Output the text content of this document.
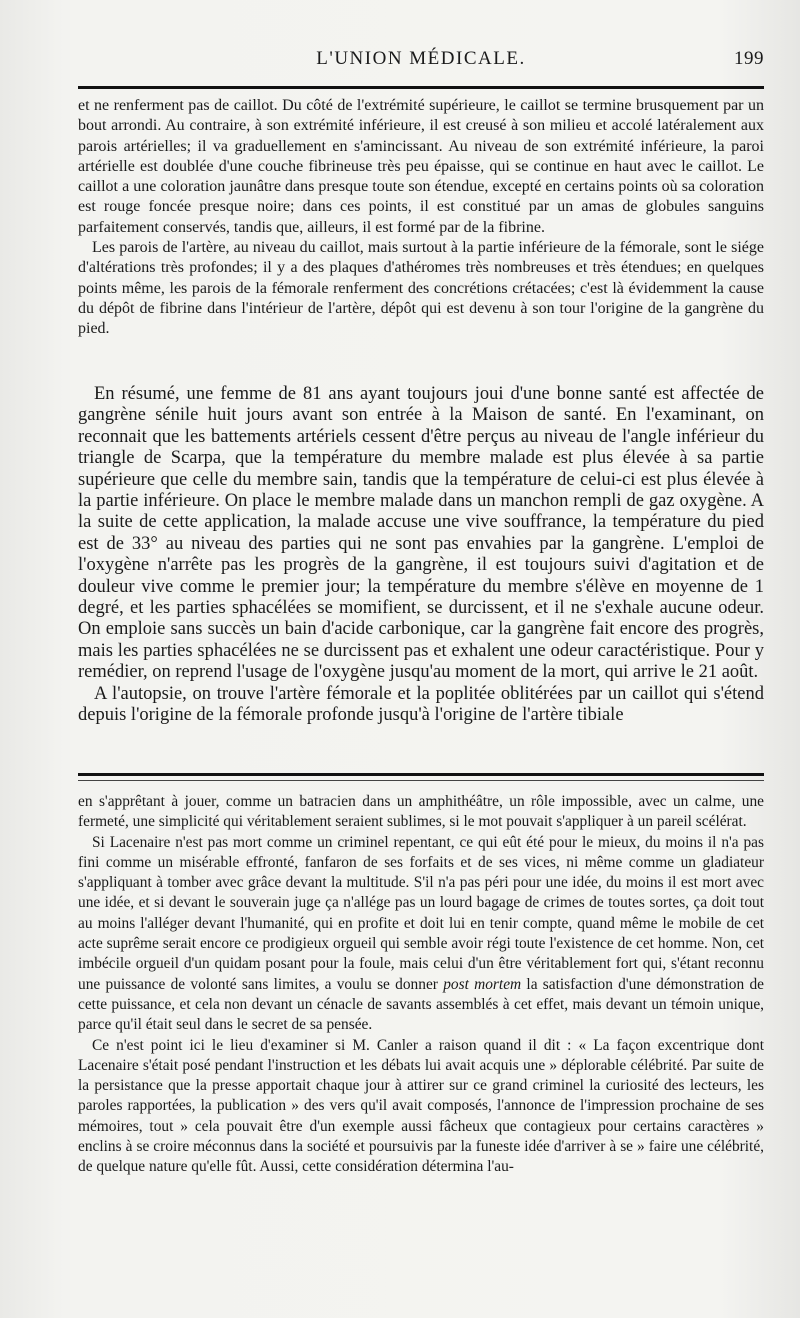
L'UNION MÉDICALE.	199

et ne renferment pas de caillot. Du côté de l'extrémité supérieure, le caillot se termine brusquement par un bout arrondi. Au contraire, à son extrémité inférieure, il est creusé à son milieu et accolé latéralement aux parois artérielles; il va graduellement en s'amincissant. Au niveau de son extrémité inférieure, la paroi artérielle est doublée d'une couche fibrineuse très peu épaisse, qui se continue en haut avec le caillot. Le caillot a une coloration jaunâtre dans presque toute son étendue, excepté en certains points où sa coloration est rouge foncée presque noire; dans ces points, il est constitué par un amas de globules sanguins parfaitement conservés, tandis que, ailleurs, il est formé par de la fibrine.

Les parois de l'artère, au niveau du caillot, mais surtout à la partie inférieure de la fémorale, sont le siége d'altérations très profondes; il y a des plaques d'athéromes très nombreuses et très étendues; en quelques points même, les parois de la fémorale renferment des concrétions crétacées; c'est là évidemment la cause du dépôt de fibrine dans l'intérieur de l'artère, dépôt qui est devenu à son tour l'origine de la gangrène du pied.

En résumé, une femme de 81 ans ayant toujours joui d'une bonne santé est affectée de gangrène sénile huit jours avant son entrée à la Maison de santé. En l'examinant, on reconnait que les battements artériels cessent d'être perçus au niveau de l'angle inférieur du triangle de Scarpa, que la température du membre malade est plus élevée à sa partie supérieure que celle du membre sain, tandis que la température de celui-ci est plus élevée à la partie inférieure. On place le membre malade dans un manchon rempli de gaz oxygène. A la suite de cette application, la malade accuse une vive souffrance, la température du pied est de 33° au niveau des parties qui ne sont pas envahies par la gangrène. L'emploi de l'oxygène n'arrête pas les progrès de la gangrène, il est toujours suivi d'agitation et de douleur vive comme le premier jour; la température du membre s'élève en moyenne de 1 degré, et les parties sphacélées se momifient, se durcissent, et il ne s'exhale aucune odeur. On emploie sans succès un bain d'acide carbonique, car la gangrène fait encore des progrès, mais les parties sphacélées ne se durcissent pas et exhalent une odeur caractéristique. Pour y remédier, on reprend l'usage de l'oxygène jusqu'au moment de la mort, qui arrive le 21 août.

A l'autopsie, on trouve l'artère fémorale et la poplitée oblitérées par un caillot qui s'étend depuis l'origine de la fémorale profonde jusqu'à l'origine de l'artère tibiale

en s'apprêtant à jouer, comme un batracien dans un amphithéâtre, un rôle impossible, avec un calme, une fermeté, une simplicité qui véritablement seraient sublimes, si le mot pouvait s'appliquer à un pareil scélérat.

Si Lacenaire n'est pas mort comme un criminel repentant, ce qui eût été pour le mieux, du moins il n'a pas fini comme un misérable effronté, fanfaron de ses forfaits et de ses vices, ni même comme un gladiateur s'appliquant à tomber avec grâce devant la multitude. S'il n'a pas péri pour une idée, du moins il est mort avec une idée, et si devant le souverain juge ça n'allége pas un lourd bagage de crimes de toutes sortes, ça doit tout au moins l'alléger devant l'humanité, qui en profite et doit lui en tenir compte, quand même le mobile de cet acte suprême serait encore ce prodigieux orgueil qui semble avoir régi toute l'existence de cet homme. Non, cet imbécile orgueil d'un quidam posant pour la foule, mais celui d'un être véritablement fort qui, s'étant reconnu une puissance de volonté sans limites, a voulu se donner post mortem la satisfaction d'une démonstration de cette puissance, et cela non devant un cénacle de savants assemblés à cet effet, mais devant un témoin unique, parce qu'il était seul dans le secret de sa pensée.

Ce n'est point ici le lieu d'examiner si M. Canler a raison quand il dit : « La façon excentrique dont Lacenaire s'était posé pendant l'instruction et les débats lui avait acquis une » déplorable célébrité. Par suite de la persistance que la presse apportait chaque jour à attirer sur ce grand criminel la curiosité des lecteurs, les paroles rapportées, la publication » des vers qu'il avait composés, l'annonce de l'impression prochaine de ses mémoires, tout » cela pouvait être d'un exemple aussi fâcheux que contagieux pour certains caractères » enclins à se croire méconnus dans la société et poursuivis par la funeste idée d'arriver à se » faire une célébrité, de quelque nature qu'elle fût. Aussi, cette considération détermina l'au-
